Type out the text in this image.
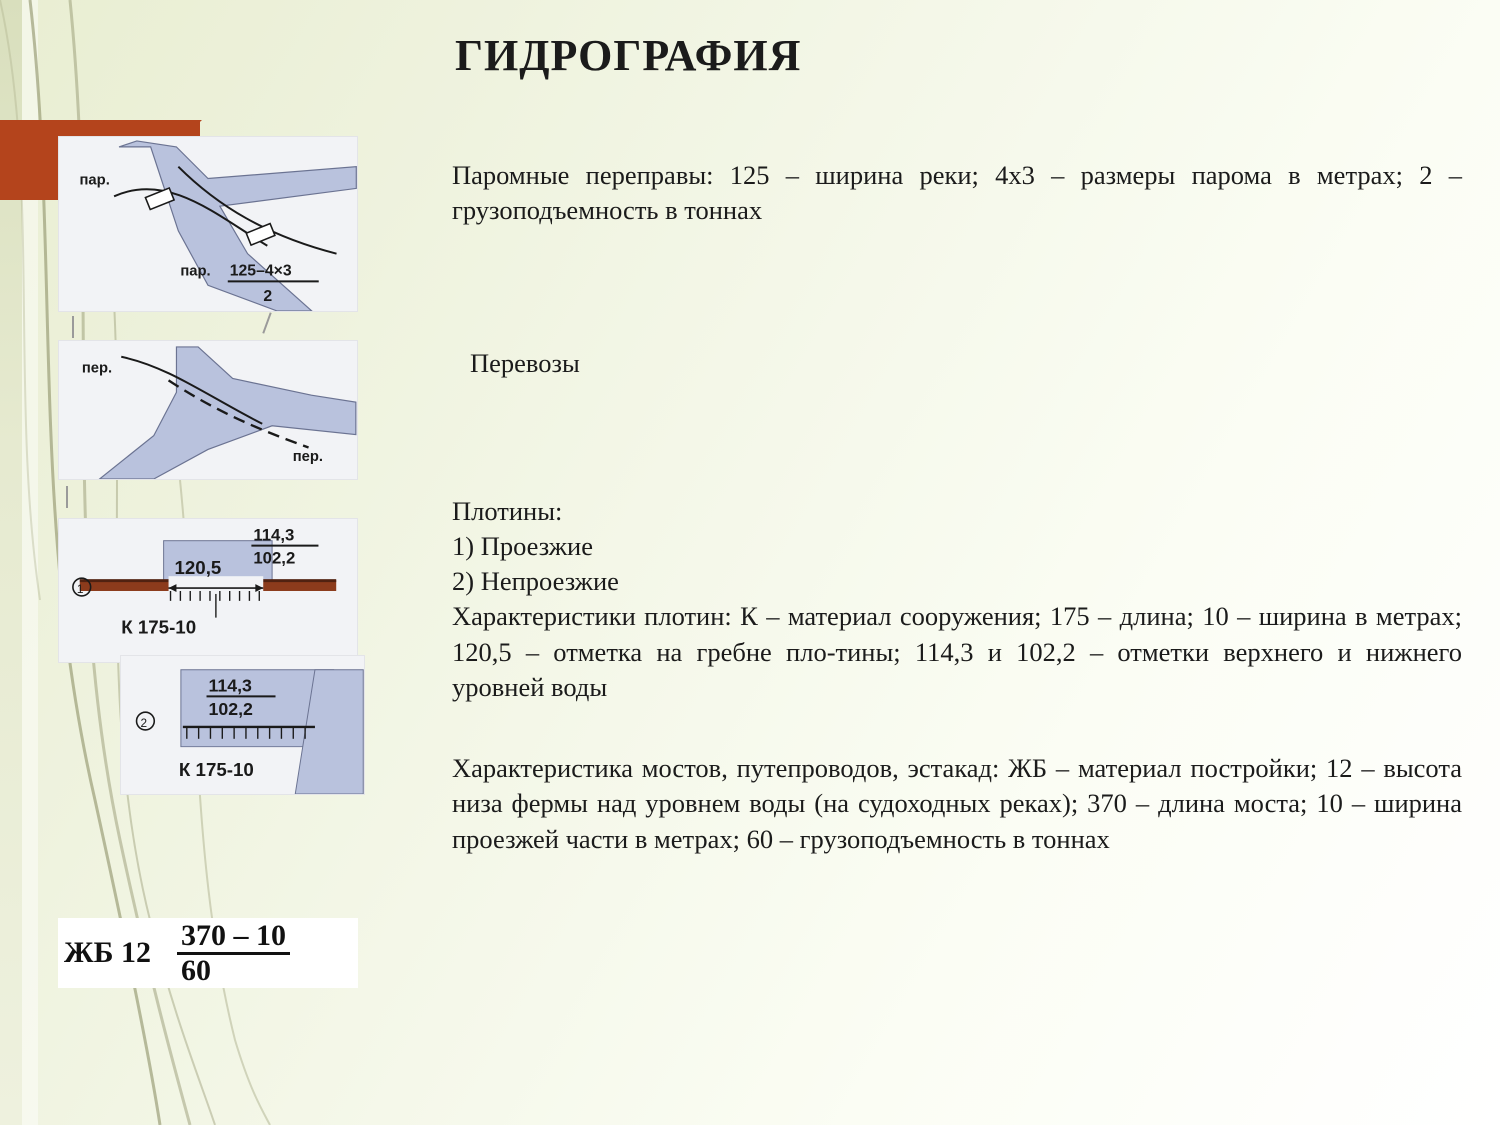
ГИДРОГРАФИЯ
пар.
пар. 125–4×3
2
пер.
пер.
120,5
114,3
102,2
1
К 175-10
114,3
102,2
2
К 175-10
ЖБ $12 \frac{370 - 10}{60}$

Паромные переправы: 125 – ширина реки; 4х3 – размеры парома в метрах; 2 – грузоподъемность в тоннах

Перевозы

Плотины:

1) Проезжие

2) Непроезжие

Характеристики плотин: К – материал сооружения; 175 – длина; 10 – ширина в метрах; 120,5 – отметка на гребне пло-тины; 114,3 и 102,2 – отметки верхнего и нижнего уровней воды

Характеристика мостов, путепроводов, эстакад: ЖБ – материал постройки; 12 – высота низа фермы над уровнем воды (на судоходных реках); 370 – длина моста; 10 – ширина проезжей части в метрах; 60 – грузоподъемность в тоннах
